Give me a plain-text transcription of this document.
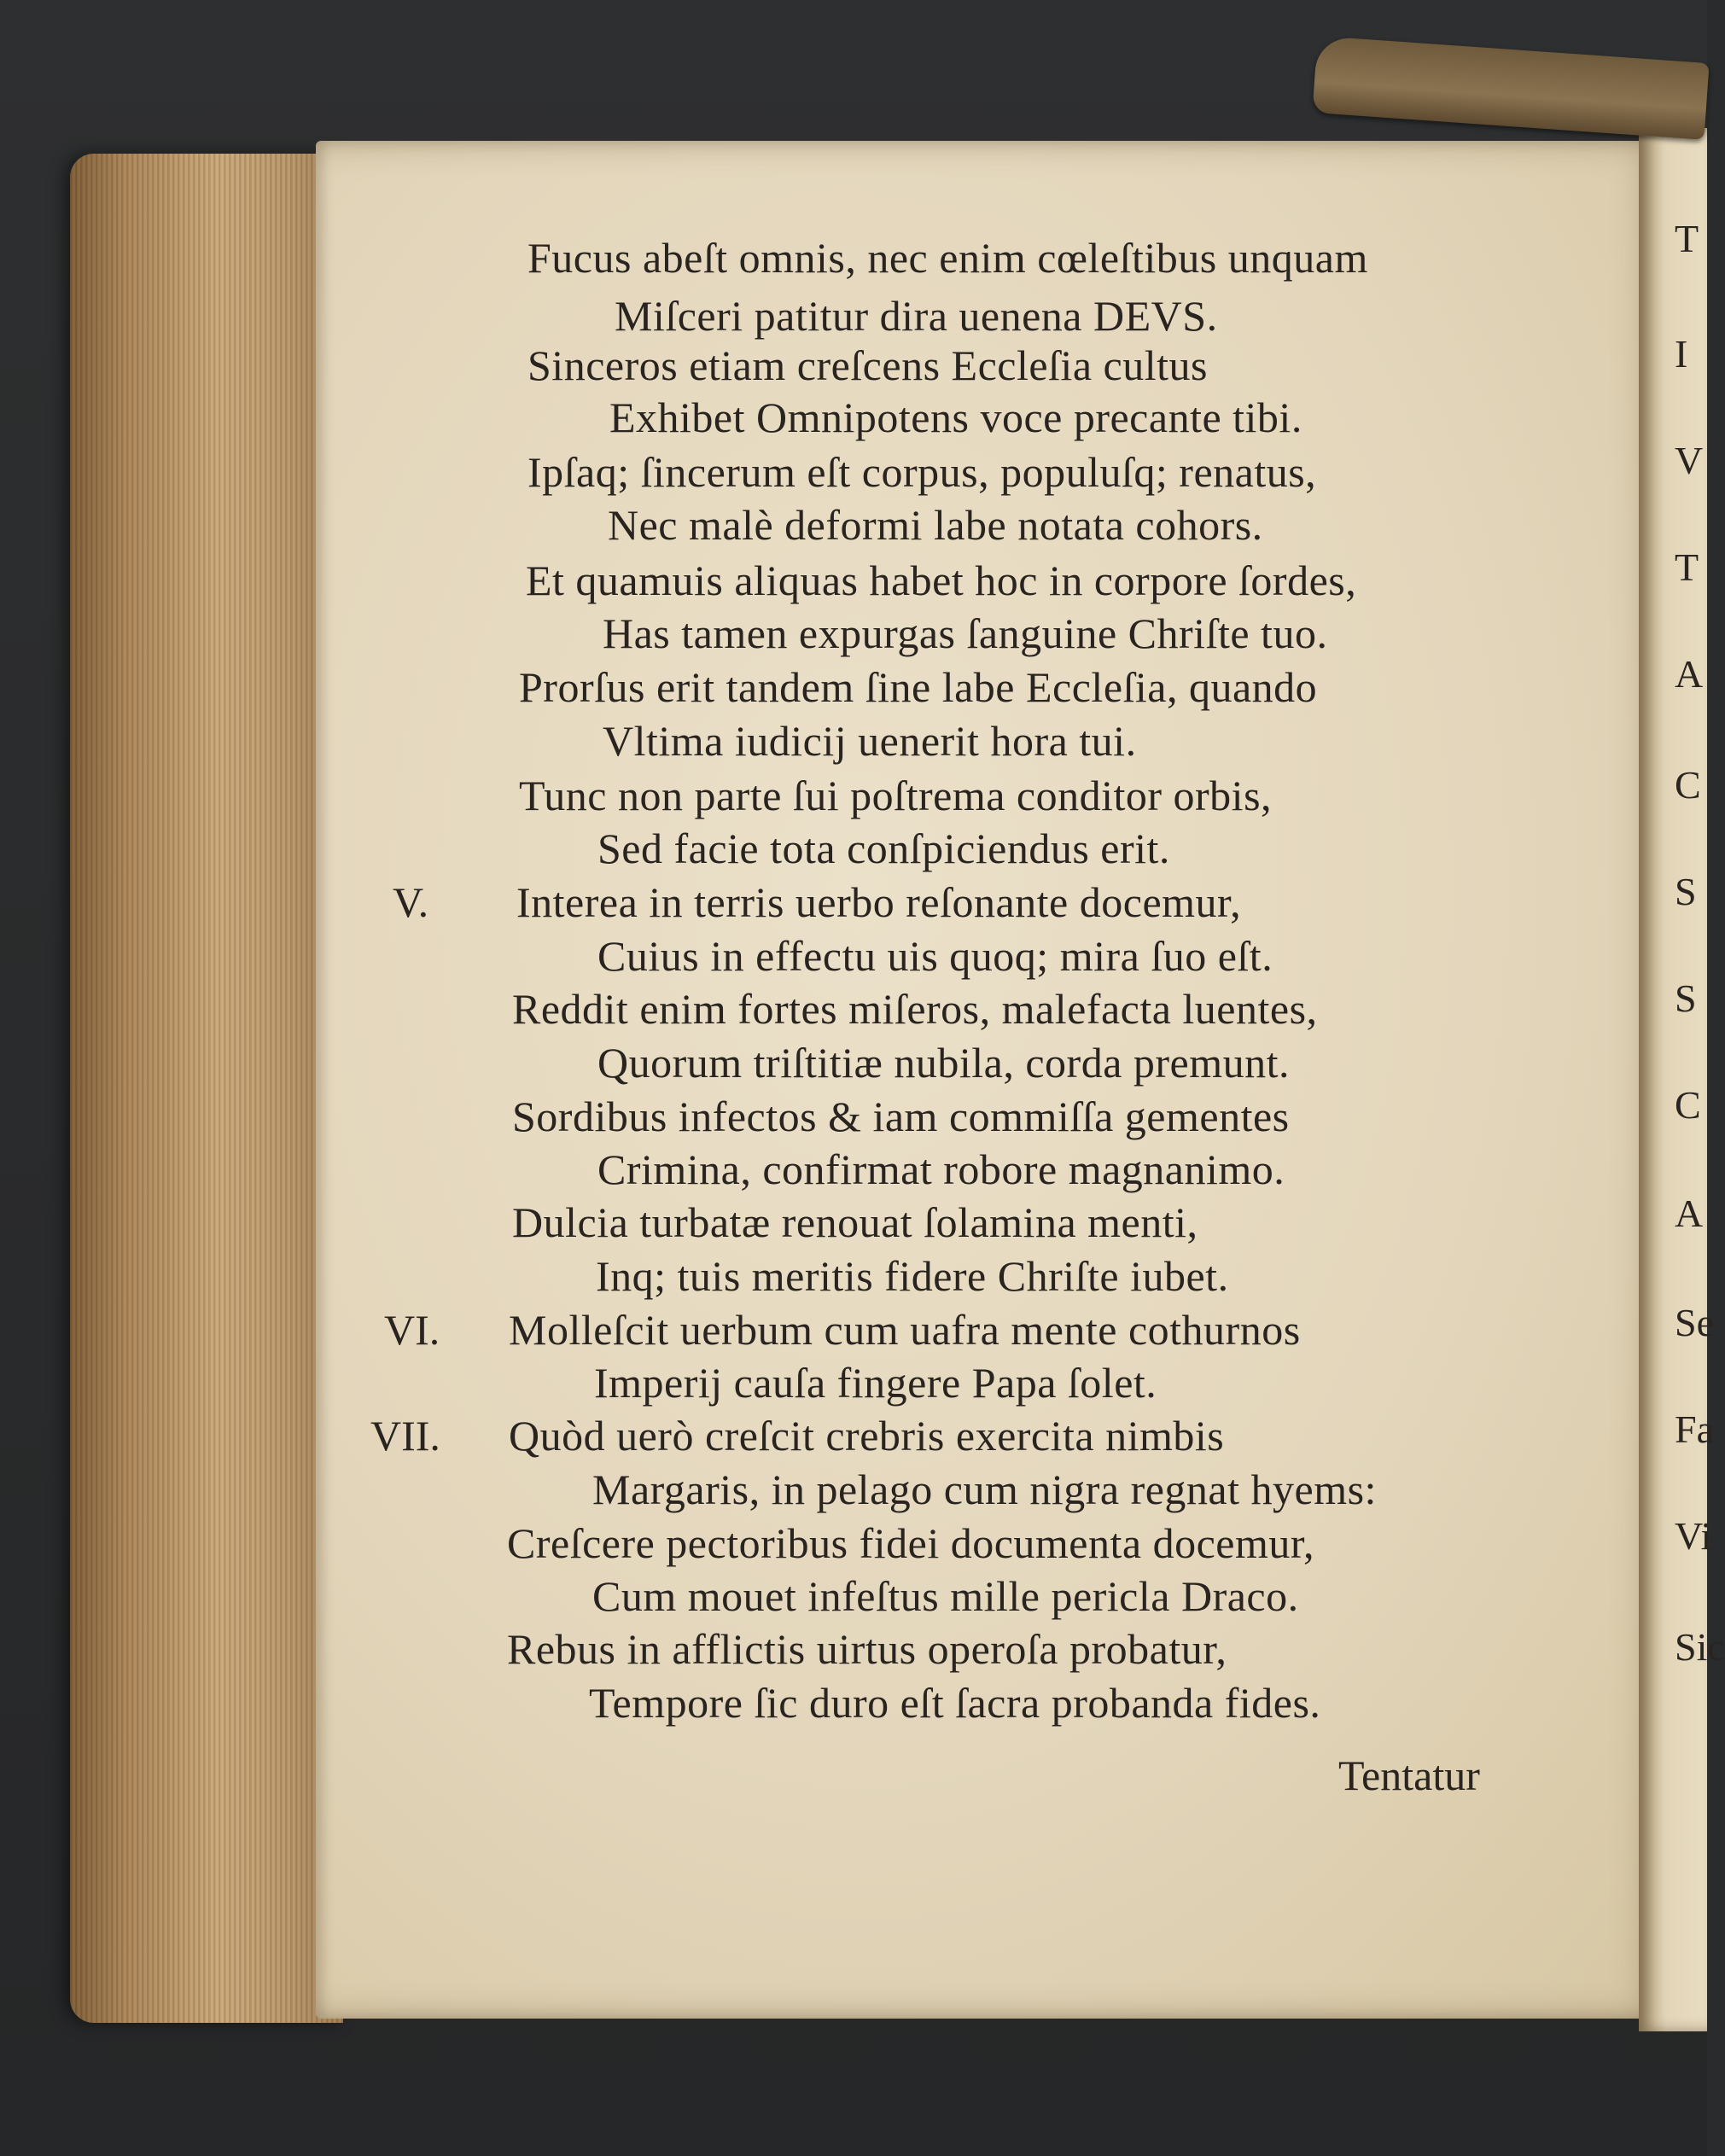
Fucus abeſt omnis, nec enim cœleſtibus unquam
Miſceri patitur dira uenena DEVS.
Sinceros etiam creſcens Eccleſia cultus
Exhibet Omnipotens voce precante tibi.
Ipſaq; ſincerum eſt corpus, populuſq; renatus,
Nec malè deformi labe notata cohors.
Et quamuis aliquas habet hoc in corpore ſordes,
Has tamen expurgas ſanguine Chriſte tuo.
Prorſus erit tandem ſine labe Eccleſia, quando
Vltima iudicij uenerit hora tui.
Tunc non parte ſui poſtrema conditor orbis,
Sed facie tota conſpiciendus erit.
V. Interea in terris uerbo reſonante docemur,
Cuius in effectu uis quoq; mira ſuo eſt.
Reddit enim fortes miſeros, malefacta luentes,
Quorum triſtitiæ nubila, corda premunt.
Sordibus infectos & iam commiſſa gementes
Crimina, confirmat robore magnanimo.
Dulcia turbatæ renouat ſolamina menti,
Inq; tuis meritis fidere Chriſte iubet.
VI. Molleſcit uerbum cum uafra mente cothurnos
Imperij cauſa fingere Papa ſolet.
VII. Quòd uerò creſcit crebris exercita nimbis
Margaris, in pelago cum nigra regnat hyems:
Creſcere pectoribus fidei documenta docemur,
Cum mouet infeſtus mille pericla Draco.
Rebus in afflictis uirtus operoſa probatur,
Tempore ſic duro eſt ſacra probanda fides.
Tentatur
T
I
V
T
A
C
S
S
C
A
Se
Fa
Vi
Sic
